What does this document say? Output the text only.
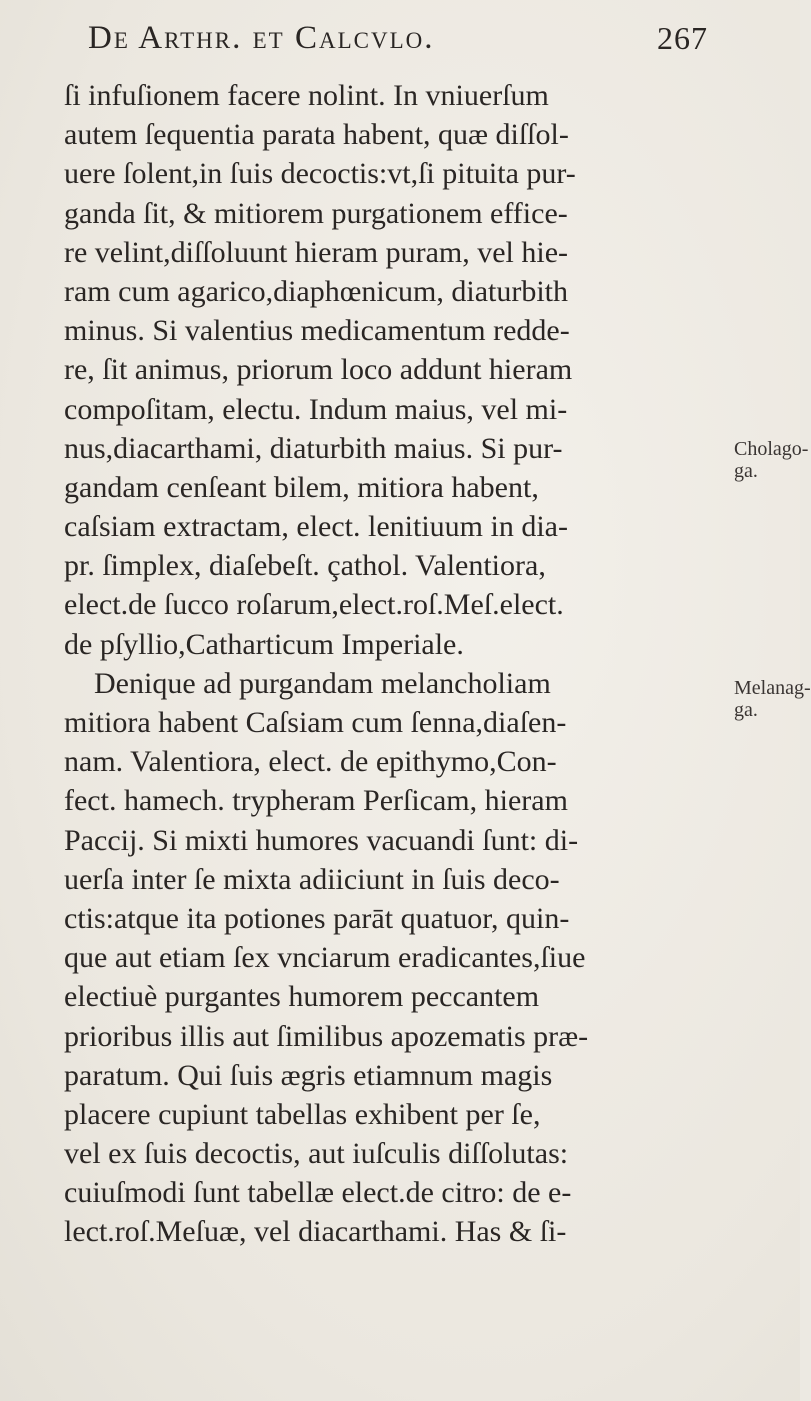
De Arthr. et Calcvlo.	267
ſi infuſionem facere nolint. In vniuerſum
autem ſequentia parata habent, quæ diſſol-
uere ſolent,in ſuis decoctis:vt,ſi pituita pur-
ganda ſit, & mitiorem purgationem effice-
re velint,diſſoluunt hieram puram, vel hie-
ram cum agarico,diaphœnicum, diaturbith
minus. Si valentius medicamentum redde-
re, ſit animus, priorum loco addunt hieram
compoſitam, electu. Indum maius, vel mi-
nus,diacarthami, diaturbith maius. Si pur-
gandam cenſeant bilem, mitiora habent,
caſsiam extractam, elect. lenitiuum in dia-
pr. ſimplex, diaſebeſt. çathol. Valentiora,
elect.de ſucco roſarum,elect.roſ.Meſ.elect.
de pſyllio,Catharticum Imperiale.
Denique ad purgandam melancholiam
mitiora habent Caſsiam cum ſenna,diaſen-
nam. Valentiora, elect. de epithymo,Con-
fect. hamech. trypheram Perſicam, hieram
Paccij. Si mixti humores vacuandi ſunt: di-
uerſa inter ſe mixta adiiciunt in ſuis deco-
ctis:atque ita potiones parāt quatuor, quin-
que aut etiam ſex vnciarum eradicantes,ſiue
electiuè purgantes humorem peccantem
prioribus illis aut ſimilibus apozematis præ-
paratum. Qui ſuis ægris etiamnum magis
placere cupiunt tabellas exhibent per ſe,
vel ex ſuis decoctis, aut iuſculis diſſolutas:
cuiuſmodi ſunt tabellæ elect.de citro: de e-
lect.roſ.Meſuæ, vel diacarthami. Has & ſi-
Cholago-
ga.
Melanag-
ga.
